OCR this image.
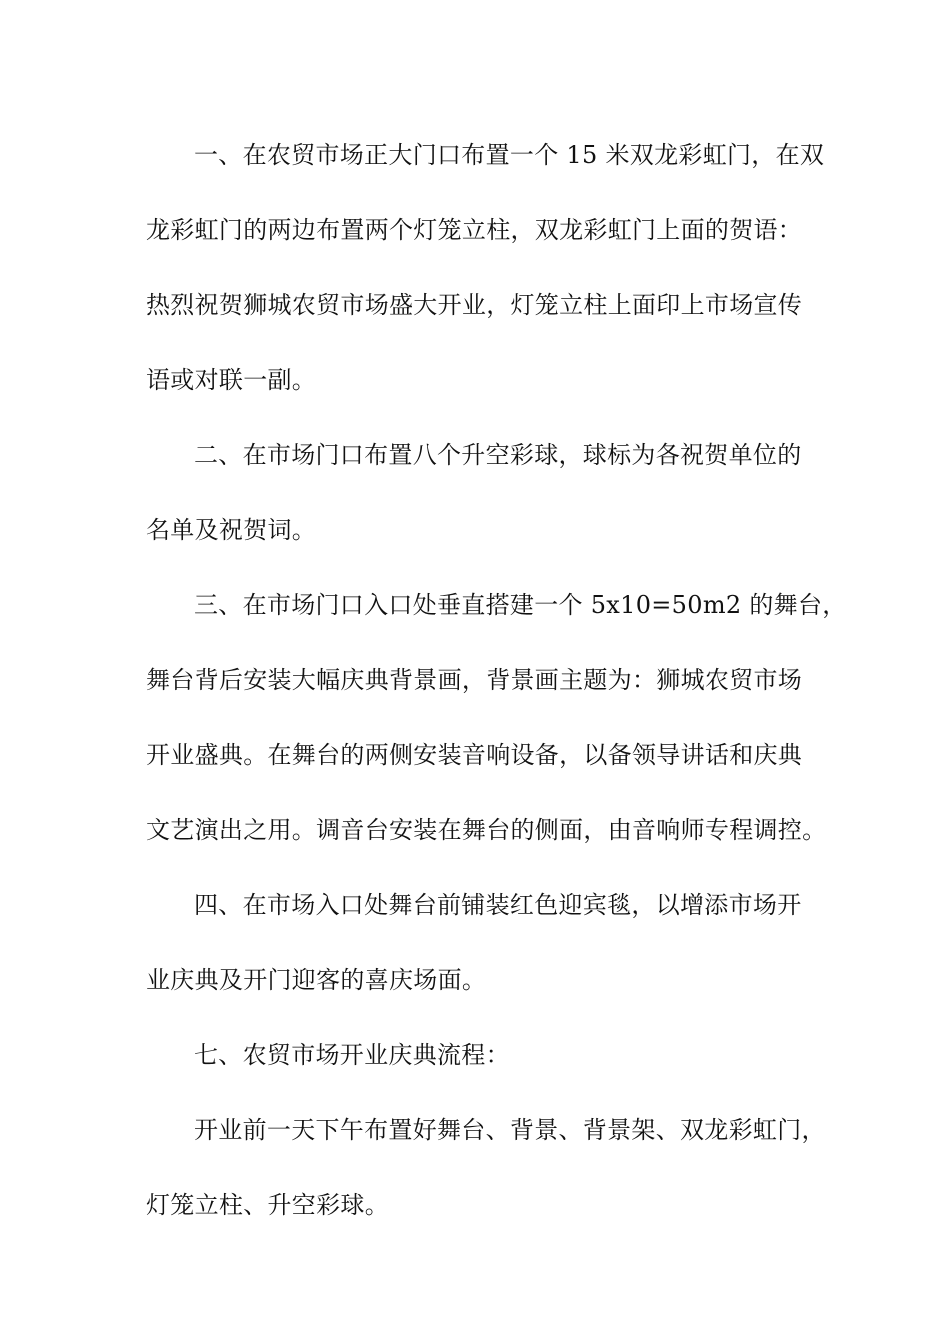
一、在农贸市场正大门口布置一个 15 米双龙彩虹门，在双
龙彩虹门的两边布置两个灯笼立柱，双龙彩虹门上面的贺语：
热烈祝贺狮城农贸市场盛大开业，灯笼立柱上面印上市场宣传
语或对联一副。
二、在市场门口布置八个升空彩球，球标为各祝贺单位的
名单及祝贺词。
三、在市场门口入口处垂直搭建一个 5x10=50m2 的舞台，
舞台背后安装大幅庆典背景画，背景画主题为：狮城农贸市场
开业盛典。在舞台的两侧安装音响设备，以备领导讲话和庆典
文艺演出之用。调音台安装在舞台的侧面，由音响师专程调控。
四、在市场入口处舞台前铺装红色迎宾毯，以增添市场开
业庆典及开门迎客的喜庆场面。
七、农贸市场开业庆典流程：
开业前一天下午布置好舞台、背景、背景架、双龙彩虹门，
灯笼立柱、升空彩球。
